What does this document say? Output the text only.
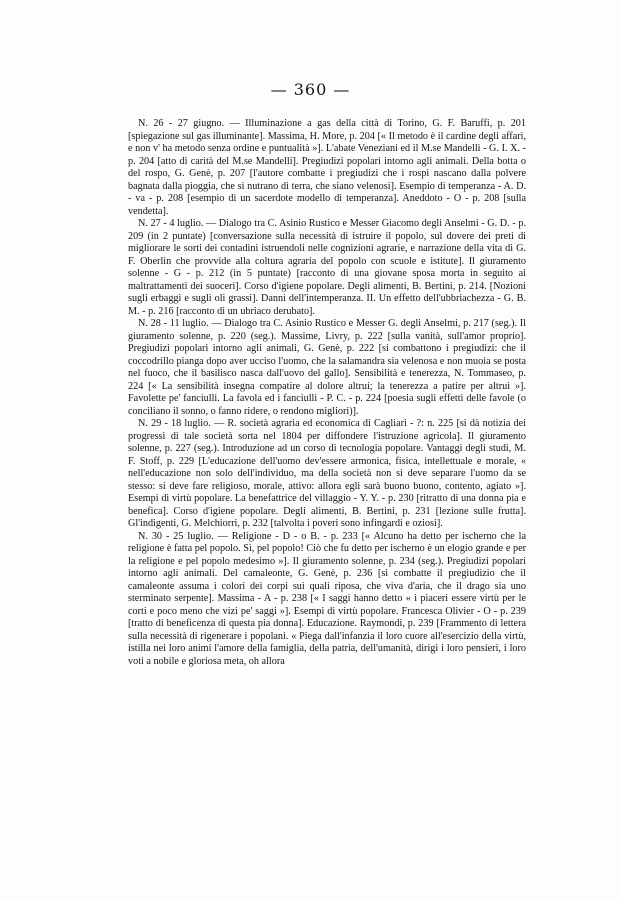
— 360 —

N. 26 - 27 giugno. — Illuminazione a gas della città di Torino, G. F. Baruffi, p. 201 [spiegazione sul gas illuminante]. Massima, H. More, p. 204 [« Il metodo è il cardine degli affari, e non v' ha metodo senza ordine e puntualità »]. L'abate Veneziani ed il M.se Mandelli - G. I. X. - p. 204 [atto di carità del M.se Mandelli]. Pregiudizi popolari intorno agli animali. Della botta o del rospo, G. Genè, p. 207 [l'autore combatte i pregiudizi che i rospi nascano dalla polvere bagnata dalla pioggia, che si nutrano di terra, che siano velenosi]. Esempio di temperanza - A. D. - va - p. 208 [esempio di un sacerdote modello di temperanza]. Aneddoto - O - p. 208 [sulla vendetta].

N. 27 - 4 luglio. — Dialogo tra C. Asinio Rustico e Messer Giacomo degli Anselmi - G. D. - p. 209 (in 2 puntate) [conversazione sulla necessità di istruire il popolo, sul dovere dei preti di migliorare le sorti dei contadini istruendoli nelle cognizioni agrarie, e narrazione della vita di G. F. Oberlin che provvide alla coltura agraria del popolo con scuole e istitute]. Il giuramento solenne - G - p. 212 (in 5 puntate) [racconto di una giovane sposa morta in seguito ai maltrattamenti dei suoceri]. Corso d'igiene popolare. Degli alimenti, B. Bertini, p. 214. [Nozioni sugli erbaggi e sugli oli grassi]. Danni dell'intemperanza. II. Un effetto dell'ubbriachezza - G. B. M. - p. 216 [racconto di un ubriaco derubato].

N. 28 - 11 luglio. — Dialogo tra C. Asinio Rustico e Messer G. degli Anselmi, p. 217 (seg.). Il giuramento solenne, p. 220 (seg.). Massime, Livry, p. 222 [sulla vanità, sull'amor proprio]. Pregiudizi popolari intorno agli animali, G. Genè, p. 222 [si combattono i pregiudizi: che il coccodrillo pianga dopo aver ucciso l'uomo, che la salamandra sia velenosa e non muoia se posta nel fuoco, che il basilisco nasca dall'uovo del gallo]. Sensibilità e tenerezza, N. Tommaseo, p. 224 [« La sensibilità insegna compatire al dolore altrui; la tenerezza a patire per altrui »]. Favolette pe' fanciulli. La favola ed i fanciulli - P. C. - p. 224 [poesia sugli effetti delle favole (o conciliano il sonno, o fanno ridere, o rendono migliori)].

N. 29 - 18 luglio. — R. società agraria ed economica di Cagliari - ?: n. 225 [si dà notizia dei progressi di tale società sorta nel 1804 per diffondere l'istruzione agricola]. Il giuramento solenne, p. 227 (seg.). Introduzione ad un corso di tecnologia popolare. Vantaggi degli studi, M. F. Stoff, p. 229 [L'educazione dell'uomo dev'essere armonica, fisica, intellettuale e morale, « nell'educazione non solo dell'individuo, ma della società non si deve separare l'uomo da se stesso: si deve fare religioso, morale, attivo: allora egli sarà buono buono, contento, agiato »]. Esempi di virtù popolare. La benefattrice del villaggio - Y. Y. - p. 230 [ritratto di una donna pia e benefica]. Corso d'igiene popolare. Degli alimenti, B. Bertini, p. 231 [lezione sulle frutta]. Gl'indigenti, G. Melchiorri, p. 232 [talvolta i poveri sono infingardi e oziosi].

N. 30 - 25 luglio. — Religione - D - o B. - p. 233 [« Alcuno ha detto per ischerno che la religione è fatta pel popolo. Sì, pel popolo! Ciò che fu detto per ischerno è un elogio grande e per la religione e pel popolo medesimo »]. Il giuramento solenne, p. 234 (seg.). Pregiudizi popolari intorno agli animali. Del camaleonte, G. Genè, p. 236 [si combatte il pregiudizio che il camaleonte assuma i colori dei corpi sui quali riposa, che viva d'aria, che il drago sia uno sterminato serpente]. Massima - A - p. 238 [« I saggi hanno detto « i piaceri essere virtù per le corti e poco meno che vizi pe' saggi »]. Esempi di virtù popolare. Francesca Olivier - O - p. 239 [tratto di beneficenza di questa pia donna]. Educazione. Raymondi, p. 239 [Frammento di lettera sulla necessità di rigenerare i popolani. « Piega dall'infanzia il loro cuore all'esercizio della virtù, istilla nei loro animi l'amore della famiglia, della patria, dell'umanità, dirigi i loro pensieri, i loro voti a nobile e gloriosa meta, oh allora
